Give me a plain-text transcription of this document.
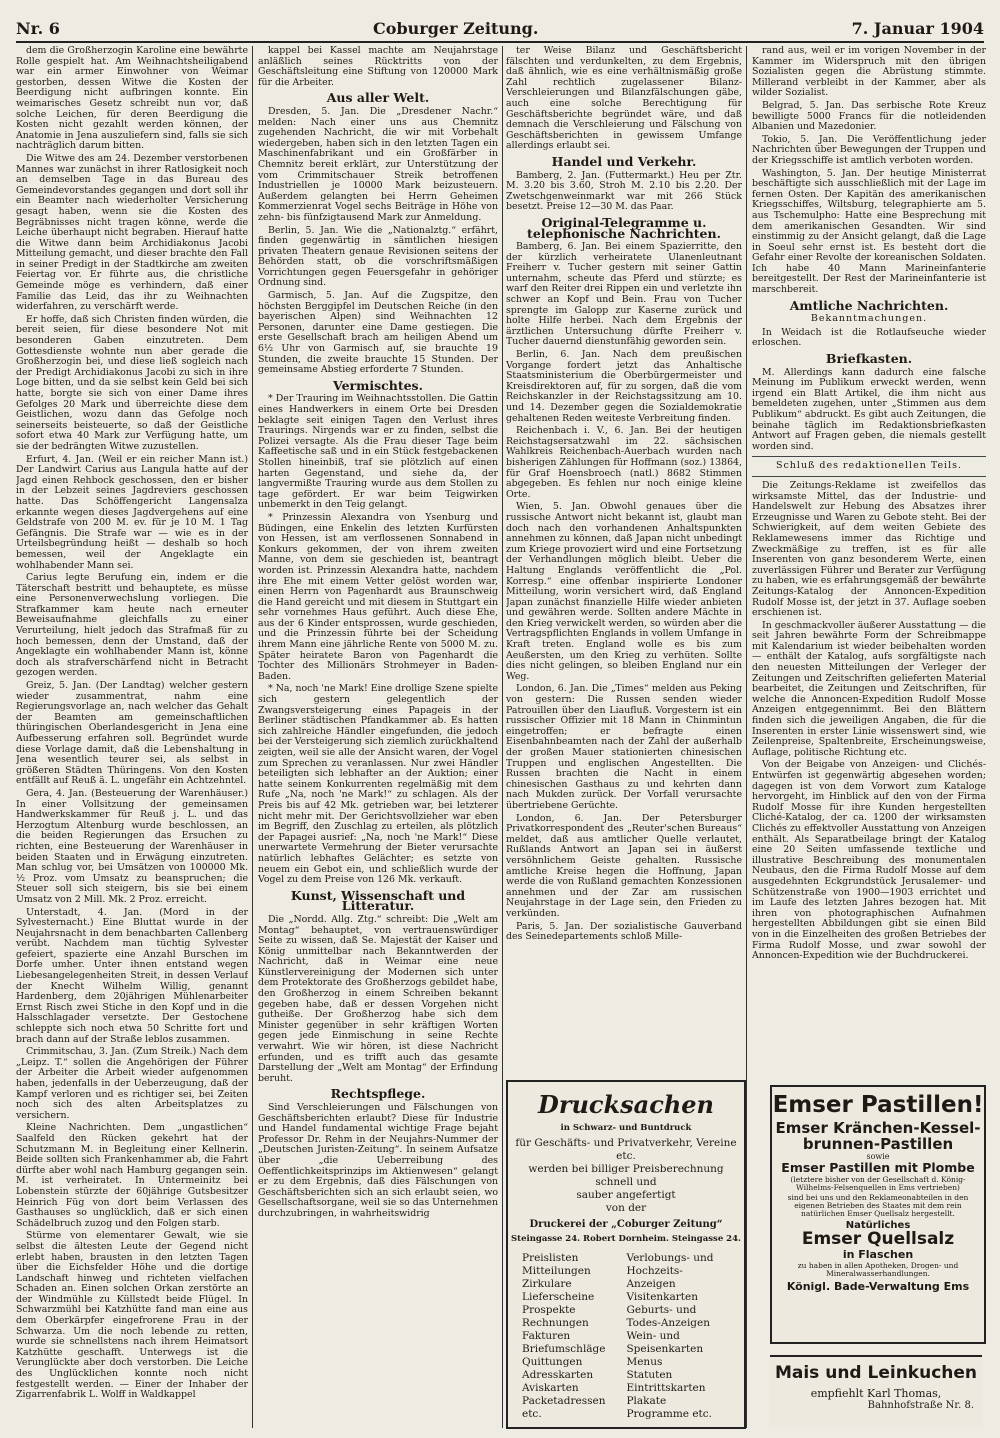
Nr. 6	Coburger Zeitung.	7. Januar 1904

dem die Großherzogin Karoline eine bewährte Rolle gespielt hat. Am Weihnachtsheiligabend war ein armer Einwohner von Weimar gestorben, dessen Witwe die Kosten der Beerdigung nicht aufbringen konnte. Ein weimarisches Gesetz schreibt nun vor, daß solche Leichen, für deren Beerdigung die Kosten nicht gezahlt werden können, der Anatomie in Jena auszuliefern sind, falls sie sich nachträglich darum bitten.

Die Witwe des am 24. Dezember verstorbenen Mannes war zunächst in ihrer Ratlosigkeit noch an demselben Tage in das Bureau des Gemeindevorstandes gegangen und dort soll ihr ein Beamter nach wiederholter Versicherung gesagt haben, wenn sie die Kosten des Begräbnisses nicht tragen könne, werde die Leiche überhaupt nicht begraben. Hierauf hatte die Witwe dann beim Archidiakonus Jacobi Mitteilung gemacht, und dieser brachte den Fall in seiner Predigt in der Stadtkirche am zweiten Feiertag vor. Er führte aus, die christliche Gemeinde möge es verhindern, daß einer Familie das Leid, das ihr zu Weihnachten widerfahren, zu verschärft werde.

Er hoffe, daß sich Christen finden würden, die bereit seien, für diese besondere Not mit besonderen Gaben einzutreten. Dem Gottesdienste wohnte nun aber gerade die Großherzogin bei, und diese ließ sogleich nach der Predigt Archidiakonus Jacobi zu sich in ihre Loge bitten, und da sie selbst kein Geld bei sich hatte, borgte sie sich von einer Dame ihres Gefolges 20 Mark und überreichte diese dem Geistlichen, wozu dann das Gefolge noch seinerseits beisteuerte, so daß der Geistliche sofort etwa 40 Mark zur Verfügung hatte, um sie der bedrängten Witwe zuzustellen.

Erfurt, 4. Jan. (Weil er ein reicher Mann ist.) Der Landwirt Carius aus Langula hatte auf der Jagd einen Rehbock geschossen, den er bisher in der Lebzeit seines Jagdreviers geschossen hatte. Das Schöffengericht Langensalza erkannte wegen dieses Jagdvergehens auf eine Geldstrafe von 200 M. ev. für je 10 M. 1 Tag Gefängnis. Die Strafe war — wie es in der Urteilsbegründung heißt — deshalb so hoch bemessen, weil der Angeklagte ein wohlhabender Mann sei.

Carius legte Berufung ein, indem er die Täterschaft bestritt und behauptete, es müsse eine Personenverwechslung vorliegen. Die Strafkammer kam heute nach erneuter Beweisaufnahme gleichfalls zu einer Verurteilung, hielt jedoch das Strafmaß für zu hoch bemessen, denn der Umstand, daß der Angeklagte ein wohlhabender Mann ist, könne doch als strafverschärfend nicht in Betracht gezogen werden.

Greiz, 5. Jan. (Der Landtag) welcher gestern wieder zusammentrat, nahm eine Regierungsvorlage an, nach welcher das Gehalt der Beamten am gemeinschaftlichen thüringischen Oberlandesgericht in Jena eine Aufbesserung erfahren soll. Begründet wurde diese Vorlage damit, daß die Lebenshaltung in Jena wesentlich teurer sei, als selbst in größeren Städten Thüringens. Von den Kosten entfällt auf Reuß ä. L. ungefähr ein Achtzehntel.

Gera, 4. Jan. (Besteuerung der Warenhäuser.) In einer Vollsitzung der gemeinsamen Handwerkskammer für Reuß j. L. und das Herzogtum Altenburg wurde beschlossen, an die beiden Regierungen das Ersuchen zu richten, eine Besteuerung der Warenhäuser in beiden Staaten und in Erwägung einzutreten. Man schlug vor, bei Umsätzen von 100000 Mk. ½ Proz. vom Umsatz zu beanspruchen; die Steuer soll sich steigern, bis sie bei einem Umsatz von 2 Mill. Mk. 2 Proz. erreicht.

Unterstadt, 4. Jan. (Mord in der Sylvesternacht.) Eine Bluttat wurde in der Neujahrsnacht in dem benachbarten Callenberg verübt. Nachdem man tüchtig Sylvester gefeiert, spazierte eine Anzahl Burschen im Dorfe umher. Unter ihnen entstand wegen Liebesangelegenheiten Streit, in dessen Verlauf der Knecht Wilhelm Willig, genannt Hardenberg, dem 20jährigen Mühlenarbeiter Ernst Risch zwei Stiche in den Kopf und in die Halsschlagader versetzte. Der Gestochene schleppte sich noch etwa 50 Schritte fort und brach dann auf der Straße leblos zusammen.

Crimmitschau, 3. Jan. (Zum Streik.) Nach dem „Leipz. T.“ sollen die Angehörigen der Führer der Arbeiter die Arbeit wieder aufgenommen haben, jedenfalls in der Ueberzeugung, daß der Kampf verloren und es richtiger sei, bei Zeiten noch sich des alten Arbeitsplatzes zu versichern.

Kleine Nachrichten. Dem „ungastlichen“ Saalfeld den Rücken gekehrt hat der Schutzmann M. in Begleitung einer Kellnerin. Beide sollten sich Frankenhammer ab, die Fahrt dürfte aber wohl nach Hamburg gegangen sein. M. ist verheiratet. In Untermeinitz bei Lobenstein stürzte der 60jährige Gutsbesitzer Heinrich Füg von dort beim Verlassen des Gasthauses so unglücklich, daß er sich einen Schädelbruch zuzog und den Folgen starb.

Stürme von elementarer Gewalt, wie sie selbst die ältesten Leute der Gegend nicht erlebt haben, brausten in den letzten Tagen über die Eichsfelder Höhe und die dortige Landschaft hinweg und richteten vielfachen Schaden an. Einen solchen Orkan zerstörte an der Windmühle zu Küllstedt beide Flügel. In Schwarzmühl bei Katzhütte fand man eine aus dem Oberkärpfer eingefrorene Frau in der Schwarza. Um die noch lebende zu retten, wurde sie schnellstens nach ihrem Heimatsort Katzhütte geschafft. Unterwegs ist die Verunglückte aber doch verstorben. Die Leiche des Unglücklichen konnte noch nicht festgestellt werden. — Einer der Inhaber der Zigarrenfabrik L. Wolff in Waldkappel

kappel bei Kassel machte am Neujahrstage anläßlich seines Rücktritts von der Geschäftsleitung eine Stiftung von 120000 Mark für die Arbeiter.

Aus aller Welt.

Dresden, 5. Jan. Die „Dresdener Nachr.“ melden: Nach einer uns aus Chemnitz zugehenden Nachricht, die wir mit Vorbehalt wiedergeben, haben sich in den letzten Tagen ein Maschinenfabrikant und ein Großfärber in Chemnitz bereit erklärt, zur Unterstützung der vom Crimmitschauer Streik betroffenen Industriellen je 10000 Mark beizusteuern. Außerdem gelangten bei Herrn Geheimen Kommerzienrat Vogel sechs Beiträge in Höhe von zehn- bis fünfzigtausend Mark zur Anmeldung.

Berlin, 5. Jan. Wie die „Nationalztg.“ erfährt, finden gegenwärtig in sämtlichen hiesigen privaten Theatern genaue Revisionen seitens der Behörden statt, ob die vorschriftsmäßigen Vorrichtungen gegen Feuersgefahr in gehöriger Ordnung sind.

Garmisch, 5. Jan. Auf die Zugspitze, den höchsten Berggipfel im Deutschen Reiche (in den bayerischen Alpen) sind Weihnachten 12 Personen, darunter eine Dame gestiegen. Die erste Gesellschaft brach am heiligen Abend um 6½ Uhr von Garmisch auf, sie brauchte 19 Stunden, die zweite brauchte 15 Stunden. Der gemeinsame Abstieg erforderte 7 Stunden.

Vermischtes.

* Der Trauring im Weihnachtsstollen. Die Gattin eines Handwerkers in einem Orte bei Dresden beklagte seit einigen Tagen den Verlust ihres Traurings. Nirgends war er zu finden, selbst die Polizei versagte. Als die Frau dieser Tage beim Kaffeetische saß und in ein Stück festgebackenen Stollen hineinbiß, traf sie plötzlich auf einen harten Gegenstand, und siehe da, der langvermißte Trauring wurde aus dem Stollen zu tage gefördert. Er war beim Teigwirken unbemerkt in den Teig gelangt.

* Prinzessin Alexandra von Ysenburg und Büdingen, eine Enkelin des letzten Kurfürsten von Hessen, ist am verflossenen Sonnabend in Konkurs gekommen, der von ihrem zweiten Manne, von dem sie geschieden ist, beantragt worden ist. Prinzessin Alexandra hatte, nachdem ihre Ehe mit einem Vetter gelöst worden war, einen Herrn von Pagenhardt aus Braunschweig die Hand gereicht und mit diesem in Stuttgart ein sehr vornehmes Haus geführt. Auch diese Ehe, aus der 6 Kinder entsprossen, wurde geschieden, und die Prinzessin führte bei der Scheidung ihrem Mann eine jährliche Rente von 5000 M. zu. Später heiratete Baron von Pagenhardt die Tochter des Millionärs Strohmeyer in Baden-Baden.

* Na, noch 'ne Mark! Eine drollige Szene spielte sich gestern gelegentlich der Zwangsversteigerung eines Papageis in der Berliner städtischen Pfandkammer ab. Es hatten sich zahlreiche Händler eingefunden, die jedoch bei der Versteigerung sich ziemlich zurückhaltend zeigten, weil sie alle der Ansicht waren, der Vogel zum Sprechen zu veranlassen. Nur zwei Händler beteiligten sich lebhafter an der Auktion; einer hatte seinem Konkurrenten regelmäßig mit dem Rufe „Na, noch 'ne Mark!“ zu schlagen. Als der Preis bis auf 42 Mk. getrieben war, bei letzterer nicht mehr mit. Der Gerichtsvollzieher war eben im Begriff, den Zuschlag zu erteilen, als plötzlich der Papagei ausrief: „Na, noch 'ne Mark!“ Diese unerwartete Vermehrung der Bieter verursachte natürlich lebhaftes Gelächter; es setzte von neuem ein Gebot ein, und schließlich wurde der Vogel zu dem Preise von 126 Mk. verkauft.

Kunst, Wissenschaft und Litteratur.

Die „Nordd. Allg. Ztg.“ schreibt: Die „Welt am Montag“ behauptet, von vertrauenswürdiger Seite zu wissen, daß Se. Majestät der Kaiser und König unmittelbar nach Bekanntwerden der Nachricht, daß in Weimar eine neue Künstlervereinigung der Modernen sich unter dem Protektorate des Großherzogs gebildet habe, den Großherzog in einem Schreiben bekannt gegeben habe, daß er dessen Vorgehen nicht gutheiße. Der Großherzog habe sich dem Minister gegenüber in sehr kräftigen Worten gegen jede Einmischung in seine Rechte verwahrt. Wie wir hören, ist diese Nachricht erfunden, und es trifft auch das gesamte Darstellung der „Welt am Montag“ der Erfindung beruht.

Rechtspflege.

Sind Verschleierungen und Fälschungen von Geschäftsberichten erlaubt? Diese für Industrie und Handel fundamental wichtige Frage bejaht Professor Dr. Rehm in der Neujahrs-Nummer der „Deutschen Juristen-Zeitung“. In seinem Aufsatze über „die Ueberreibung des Oeffentlichkeitsprinzips im Aktienwesen“ gelangt er zu dem Ergebnis, daß dies Fälschungen von Geschäftsberichten sich an sich erlaubt seien, wo Gesellschaftsorgane, weil sie so das Unternehmen durchzubringen, in wahrheitswidrig

ter Weise Bilanz und Geschäftsbericht fälschten und verdunkelten, zu dem Ergebnis, daß ähnlich, wie es eine verhältnismäßig große Zahl rechtlich zugelassener Bilanz-Verschleierungen und Bilanzfälschungen gäbe, auch eine solche Berechtigung für Geschäftsberichte begründet wäre, und daß demnach die Verschleierung und Fälschung von Geschäftsberichten in gewissem Umfange allerdings erlaubt sei.

Handel und Verkehr.

Bamberg, 2. Jan. (Futtermarkt.) Heu per Ztr. M. 3.20 bis 3.60, Stroh M. 2.10 bis 2.20. Der Zwetschgenweinmarkt war mit 266 Stück besetzt. Preise 12—30 M. das Paar.

Original-Telegramme u. telephonische Nachrichten.

Bamberg, 6. Jan. Bei einem Spazierritte, den der kürzlich verheiratete Ulanenleutnant Freiherr v. Tucher gestern mit seiner Gattin unternahm, scheute das Pferd und stürzte; es warf den Reiter drei Rippen ein und verletzte ihn schwer an Kopf und Bein. Frau von Tucher sprengte im Galopp zur Kaserne zurück und holte Hilfe herbei. Nach dem Ergebnis der ärztlichen Untersuchung dürfte Freiherr v. Tucher dauernd dienstunfähig geworden sein.

Berlin, 6. Jan. Nach dem preußischen Vorgange fordert jetzt das Anhaltische Staatsministerium die Oberbürgermeister und Kreisdirektoren auf, für zu sorgen, daß die vom Reichskanzler in der Reichstagssitzung am 10. und 14. Dezember gegen die Sozialdemokratie gehaltenen Reden weiteste Verbreitung finden.

Reichenbach i. V., 6. Jan. Bei der heutigen Reichstagsersatzwahl im 22. sächsischen Wahlkreis Reichenbach-Auerbach wurden nach bisherigen Zählungen für Hoffmann (soz.) 13864, für Graf Hoensbroech (natl.) 8682 Stimmen abgegeben. Es fehlen nur noch einige kleine Orte.

Wien, 5. Jan. Obwohl genaues über die russische Antwort nicht bekannt ist, glaubt man doch nach den vorhandenen Anhaltspunkten annehmen zu können, daß Japan nicht unbedingt zum Kriege provoziert wird und eine Fortsetzung der Verhandlungen möglich bleibt. Ueber die Haltung Englands veröffentlicht die „Pol. Korresp.“ eine offenbar inspirierte Londoner Mitteilung, worin versichert wird, daß England Japan zunächst finanzielle Hilfe wieder anbieten und gewähren werde. Sollten andere Mächte in den Krieg verwickelt werden, so würden aber die Vertragspflichten Englands in vollem Umfange in Kraft treten. England wolle es bis zum Aeußersten, um den Krieg zu verhüten. Sollte dies nicht gelingen, so bleiben England nur ein Weg.

London, 6. Jan. Die „Times“ melden aus Peking von gestern: Die Russen senden wieder Patrouillen über den Liaufluß. Vorgestern ist ein russischer Offizier mit 18 Mann in Chinmintun eingetroffen; er befragte einen Eisenbahnbeamten nach der Zahl der außerhalb der großen Mauer stationierten chinesischen Truppen und englischen Angestellten. Die Russen brachten die Nacht in einem chinesischen Gasthaus zu und kehrten dann nach Mukden zurück. Der Vorfall verursachte übertriebene Gerüchte.

London, 6. Jan. Der Petersburger Privatkorrespondent des „Reuter'schen Bureaus“ meldet, daß aus amtlicher Quelle verlautet, Rußlands Antwort an Japan sei in äußerst versöhnlichem Geiste gehalten. Russische amtliche Kreise hegen die Hoffnung, Japan werde die von Rußland gemachten Konzessionen annehmen und der Zar am russischen Neujahrstage in der Lage sein, den Frieden zu verkünden.

Paris, 5. Jan. Der sozialistische Gauverband des Seinedepartements schloß Mille-

rand aus, weil er im vorigen November in der Kammer im Widerspruch mit den übrigen Sozialisten gegen die Abrüstung stimmte. Millerand verbleibt in der Kammer, aber als wilder Sozialist.

Belgrad, 5. Jan. Das serbische Rote Kreuz bewilligte 5000 Francs für die notleidenden Albanien und Mazedonier.

Tokio, 5. Jan. Die Veröffentlichung jeder Nachrichten über Bewegungen der Truppen und der Kriegsschiffe ist amtlich verboten worden.

Washington, 5. Jan. Der heutige Ministerrat beschäftigte sich ausschließlich mit der Lage im fernen Osten. Der Kapitän des amerikanischen Kriegsschiffes, Wiltsburg, telegraphierte am 5. aus Tschemulpho: Hatte eine Besprechung mit dem amerikanischen Gesandten. Wir sind einstimmig zu der Ansicht gelangt, daß die Lage in Soeul sehr ernst ist. Es besteht dort die Gefahr einer Revolte der koreanischen Soldaten. Ich habe 40 Mann Marineinfanterie bereitgestellt. Der Rest der Marineinfanterie ist marschbereit.

Amtliche Nachrichten.
Bekanntmachungen.

In Weidach ist die Rotlaufseuche wieder erloschen.

Briefkasten.

M. Allerdings kann dadurch eine falsche Meinung im Publikum erweckt werden, wenn irgend ein Blatt Artikel, die ihm nicht aus bemeldeten zugehen, unter „Stimmen aus dem Publikum“ abdruckt. Es gibt auch Zeitungen, die beinahe täglich im Redaktionsbriefkasten Antwort auf Fragen geben, die niemals gestellt worden sind.

Schluß des redaktionellen Teils.

Die Zeitungs-Reklame ist zweifellos das wirksamste Mittel, das der Industrie- und Handelswelt zur Hebung des Absatzes ihrer Erzeugnisse und Waren zu Gebote steht. Bei der Schwierigkeit, auf dem weiten Gebiete des Reklamewesens immer das Richtige und Zweckmäßige zu treffen, ist es für alle Inserenten von ganz besonderem Werte, einen zuverlässigen Führer und Berater zur Verfügung zu haben, wie es erfahrungsgemäß der bewährte Zeitungs-Katalog der Annoncen-Expedition Rudolf Mosse ist, der jetzt in 37. Auflage soeben erschienen ist.

In geschmackvoller äußerer Ausstattung — die seit Jahren bewährte Form der Schreibmappe mit Kalendarium ist wieder beibehalten worden — enthält der Katalog, aufs sorgfältigste nach den neuesten Mitteilungen der Verleger der Zeitungen und Zeitschriften gelieferten Material bearbeitet, die Zeitungen und Zeitschriften, für welche die Annoncen-Expedition Rudolf Mosse Anzeigen entgegennimmt. Bei den Blättern finden sich die jeweiligen Angaben, die für die Inserenten in erster Linie wissenswert sind, wie Zeilenpreise, Spaltenbreite, Erscheinungsweise, Auflage, politische Richtung etc.

Von der Beigabe von Anzeigen- und Clichés-Entwürfen ist gegenwärtig abgesehen worden; dagegen ist von dem Vorwort zum Kataloge hervorgeht, im Hinblick auf den von der Firma Rudolf Mosse für ihre Kunden hergestellten Cliché-Katalog, der ca. 1200 der wirksamsten Clichés zu effektvoller Ausstattung von Anzeigen enthält. Als Separatbeilage bringt der Katalog eine 20 Seiten umfassende textliche und illustrative Beschreibung des monumentalen Neubaus, den die Firma Rudolf Mosse auf dem ausgedehnten Eckgrundstück Jerusalemer- und Schützenstraße von 1900—1903 errichtet und im Laufe des letzten Jahres bezogen hat. Mit ihren von photographischen Aufnahmen hergestellten Abbildungen gibt sie einen Bild von in die Einzelheiten des großen Betriebes der Firma Rudolf Mosse, und zwar sowohl der Annoncen-Expedition wie der Buchdruckerei.

Drucksachen
in Schwarz- und Buntdruck
für Geschäfts- und Privatverkehr, Vereine etc.
werden bei billiger Preisberechnung schnell und
sauber angefertigt
von der
Druckerei der „Coburger Zeitung“
Steingasse 24. Robert Dornheim. Steingasse 24.
Preislisten
Mitteilungen
Zirkulare
Lieferscheine
Prospekte
Rechnungen
Fakturen
Briefumschläge
Quittungen
Adresskarten
Aviskarten
Packetadressen etc.
Verlobungs- und
Hochzeits-Anzeigen
Visitenkarten
Geburts- und
Todes-Anzeigen
Wein- und
Speisenkarten
Menus
Statuten
Eintrittskarten
Plakate
Programme etc.
Emser Pastillen!
Emser Kränchen-Kessel-
brunnen-Pastillen
sowie
Emser Pastillen mit Plombe
(letztere bisher von der Gesellschaft d. König-Wilhelms-Felsenquellen in Ems vertrieben)
sind bei uns und den Reklameonabteilen in den eigenen Betrieben des Staates mit dem rein natürlichen Emser Quellsalz hergestellt.
Natürliches
Emser Quellsalz
in Flaschen
zu haben in allen Apotheken, Drogen- und Mineralwasserhandlungen.
Königl. Bade-Verwaltung Ems
Mais und Leinkuchen
empfiehlt Karl Thomas,
Bahnhofstraße Nr. 8.
